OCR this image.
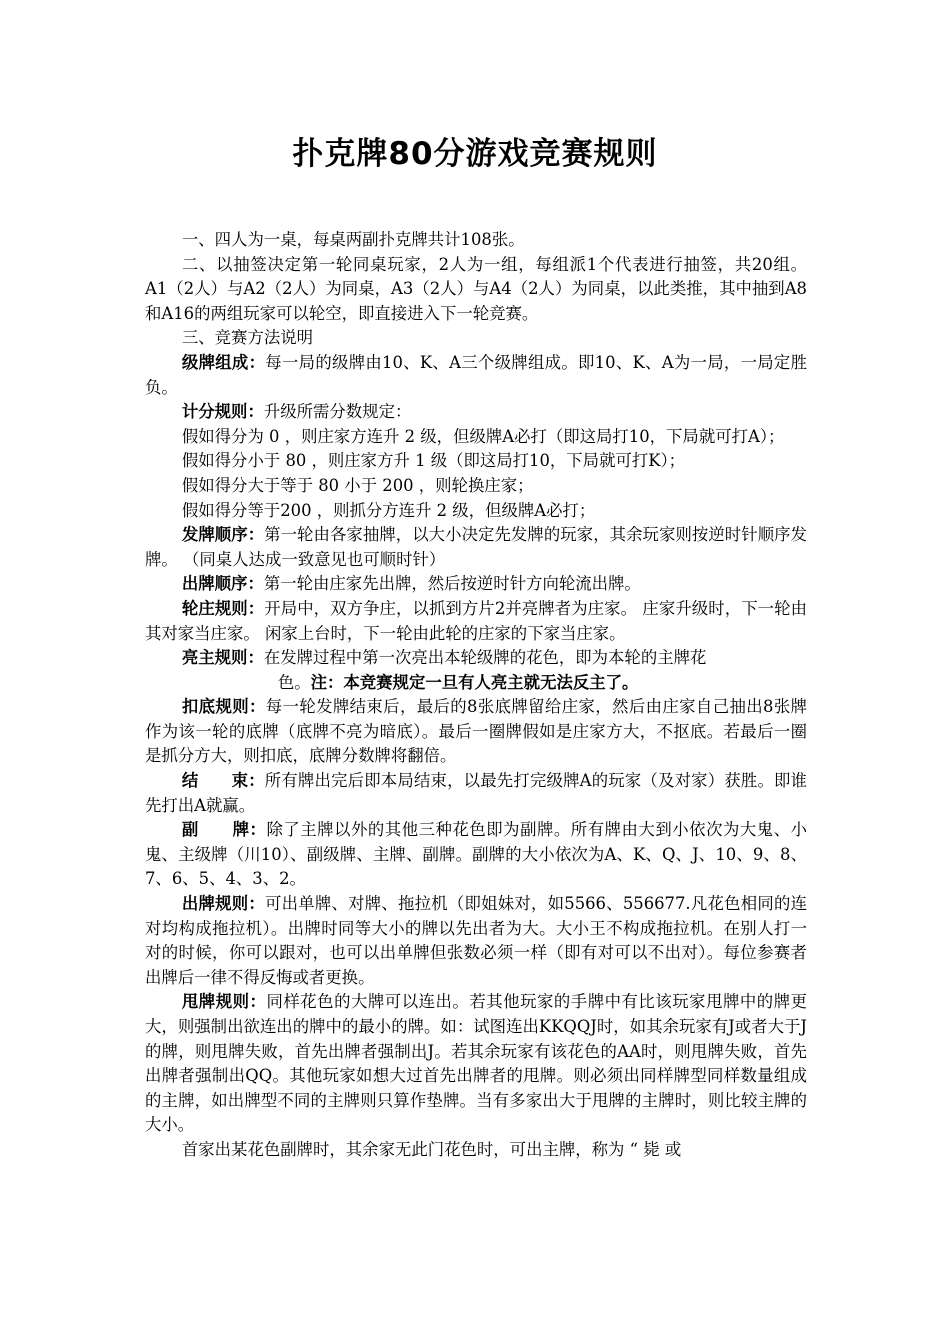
扑克牌80分游戏竞赛规则

一、四人为一桌，每桌两副扑克牌共计108张。

二、以抽签决定第一轮同桌玩家，2人为一组，每组派1个代表进行抽签，共20组。 A1（2人）与A2（2人）为同桌，A3（2人）与A4（2人）为同桌，以此类推，其中抽到A8和A16的两组玩家可以轮空，即直接进入下一轮竞赛。

三、竞赛方法说明

级牌组成：每一局的级牌由10、K、A三个级牌组成。即10、K、A为一局，一局定胜负。

计分规则：升级所需分数规定：

假如得分为 0 ，则庄家方连升 2 级，但级牌A必打（即这局打10，下局就可打A）；

假如得分小于 80 ，则庄家方升 1 级（即这局打10，下局就可打K）；

假如得分大于等于 80 小于 200 ，则轮换庄家；

假如得分等于200 ，则抓分方连升 2 级，但级牌A必打；

发牌顺序：第一轮由各家抽牌，以大小决定先发牌的玩家，其余玩家则按逆时针顺序发牌。 （同桌人达成一致意见也可顺时针）

出牌顺序：第一轮由庄家先出牌，然后按逆时针方向轮流出牌。

轮庄规则：开局中，双方争庄，以抓到方片2并亮牌者为庄家。 庄家升级时，下一轮由其对家当庄家。 闲家上台时，下一轮由此轮的庄家的下家当庄家。

亮主规则：在发牌过程中第一次亮出本轮级牌的花色，即为本轮的主牌花
色。注：本竞赛规定一旦有人亮主就无法反主了。

扣底规则：每一轮发牌结束后，最后的8张底牌留给庄家，然后由庄家自己抽出8张牌作为该一轮的底牌（底牌不亮为暗底）。最后一圈牌假如是庄家方大，不抠底。若最后一圈是抓分方大，则扣底，底牌分数牌将翻倍。

结　　束：所有牌出完后即本局结束，以最先打完级牌A的玩家（及对家）获胜。即谁先打出A就赢。

副　　牌：除了主牌以外的其他三种花色即为副牌。所有牌由大到小依次为大鬼、小鬼、主级牌（川10）、副级牌、主牌、副牌。副牌的大小依次为A、K、Q、J、10、9、8、7、6、5、4、3、2。

出牌规则：可出单牌、对牌、拖拉机（即姐妹对，如5566、556677.凡花色相同的连对均构成拖拉机）。出牌时同等大小的牌以先出者为大。大小王不构成拖拉机。在别人打一对的时候，你可以跟对，也可以出单牌但张数必须一样（即有对可以不出对）。每位参赛者出牌后一律不得反悔或者更换。

甩牌规则：同样花色的大牌可以连出。若其他玩家的手牌中有比该玩家甩牌中的牌更大，则强制出欲连出的牌中的最小的牌。如：试图连出KKQQJ时，如其余玩家有J或者大于J的牌，则甩牌失败，首先出牌者强制出J。若其余玩家有该花色的AA时，则甩牌失败，首先出牌者强制出QQ。其他玩家如想大过首先出牌者的甩牌。则必须出同样牌型同样数量组成的主牌，如出牌型不同的主牌则只算作垫牌。当有多家出大于甩牌的主牌时，则比较主牌的大小。

首家出某花色副牌时，其余家无此门花色时，可出主牌，称为 “ 毙 或
